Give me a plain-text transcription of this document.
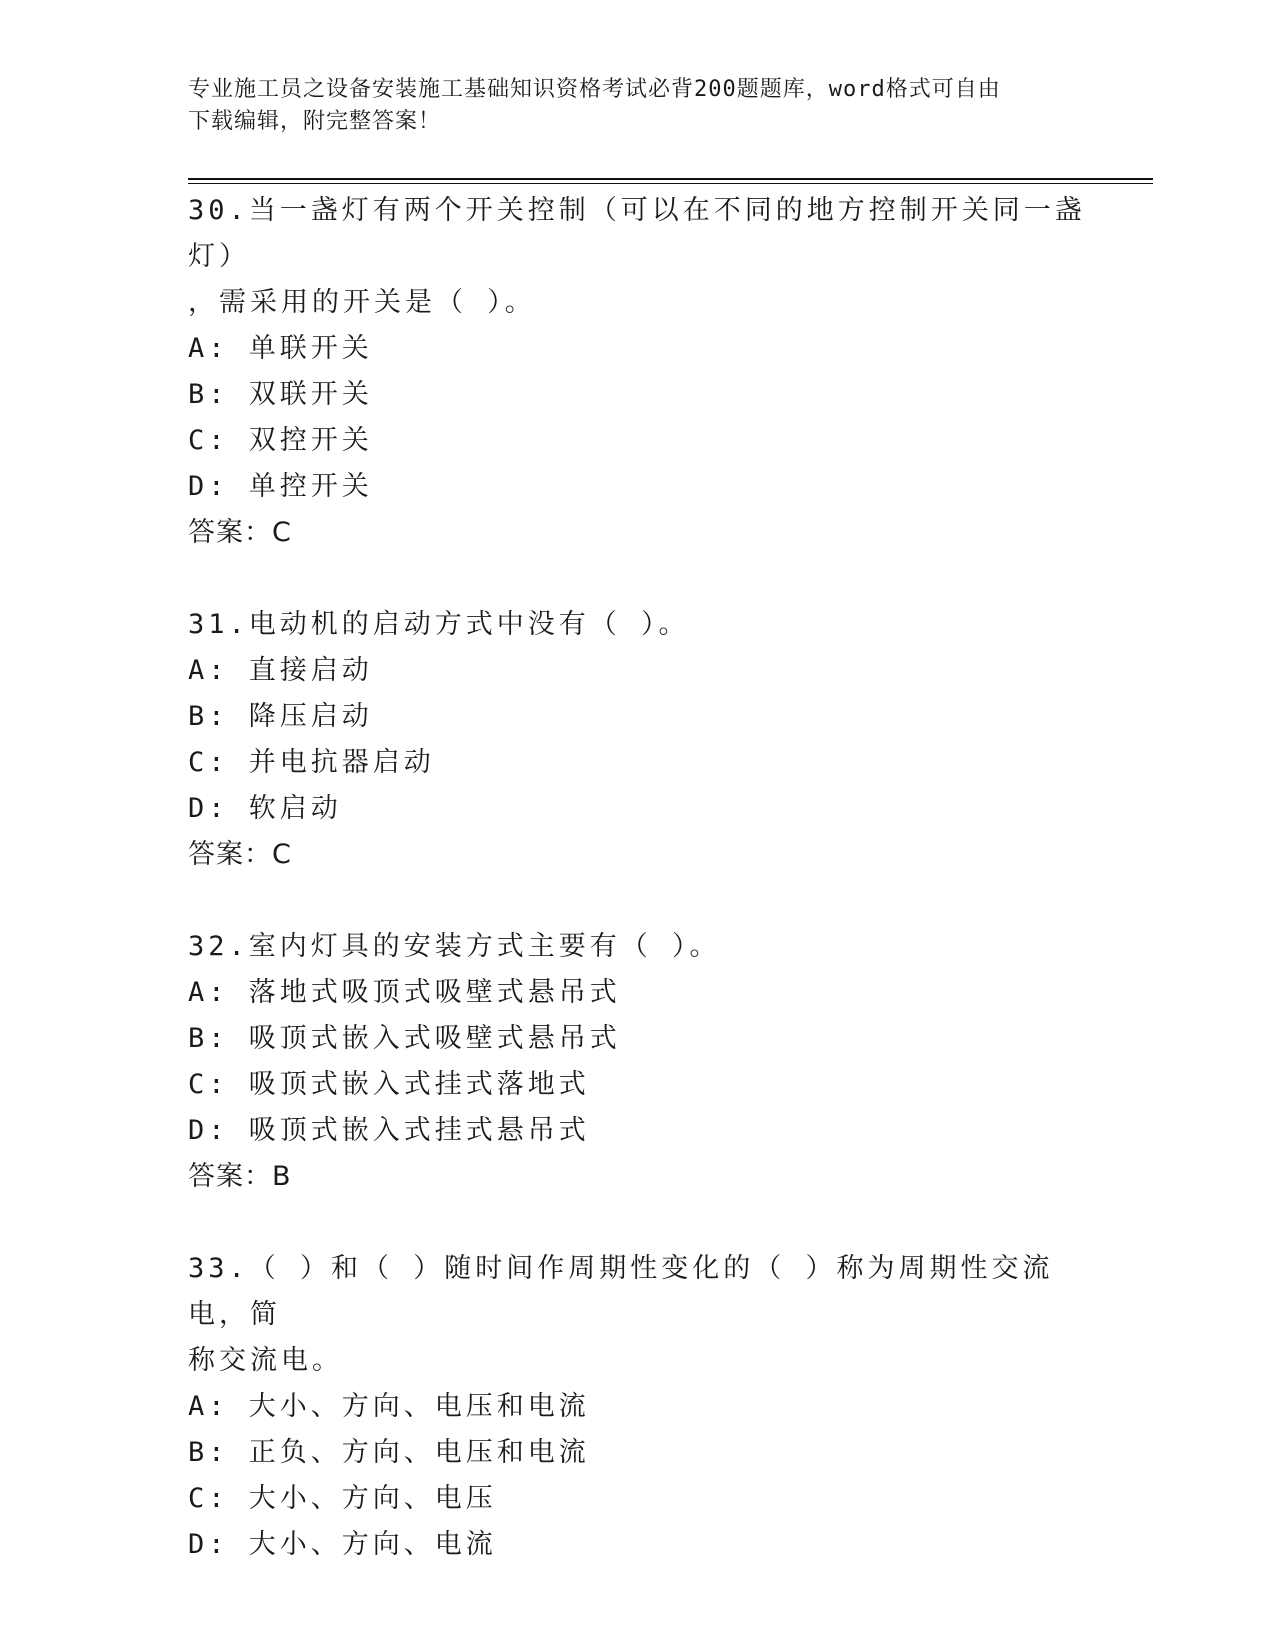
专业施工员之设备安装施工基础知识资格考试必背200题题库，word格式可自由
下载编辑，附完整答案！
30.当一盏灯有两个开关控制（可以在不同的地方控制开关同一盏灯）
，需采用的开关是（ ）。
A: 单联开关
B: 双联开关
C: 双控开关
D: 单控开关
答案：C
31.电动机的启动方式中没有（ ）。
A: 直接启动
B: 降压启动
C: 并电抗器启动
D: 软启动
答案：C
32.室内灯具的安装方式主要有（ ）。
A: 落地式吸顶式吸壁式悬吊式
B: 吸顶式嵌入式吸壁式悬吊式
C: 吸顶式嵌入式挂式落地式
D: 吸顶式嵌入式挂式悬吊式
答案：B
33.（ ）和（ ）随时间作周期性变化的（ ）称为周期性交流电，简
称交流电。
A: 大小、方向、电压和电流
B: 正负、方向、电压和电流
C: 大小、方向、电压
D: 大小、方向、电流
